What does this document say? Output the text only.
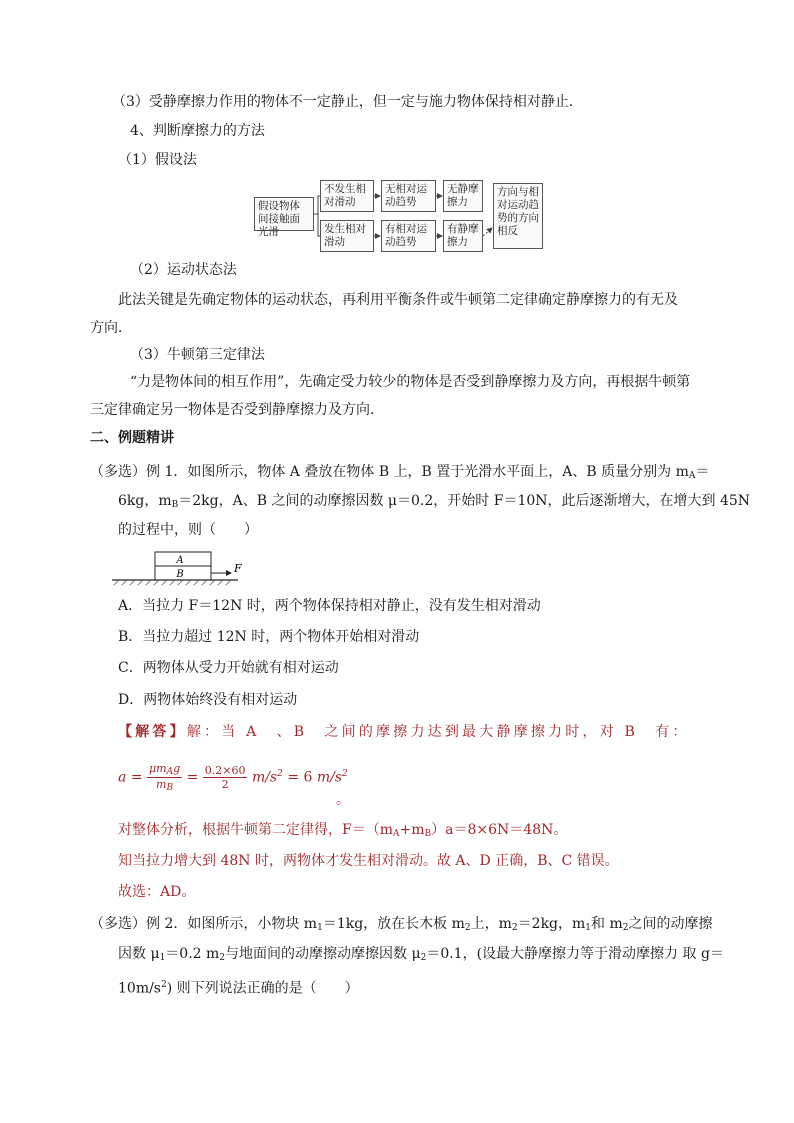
（3）受静摩擦力作用的物体不一定静止，但一定与施力物体保持相对静止．
4、判断摩擦力的方法
（1）假设法
假设物体间接触面光滑
不发生相对滑动
无相对运动趋势
无静摩擦力
发生相对滑动
有相对运动趋势
有静摩擦力
方向与相对运动趋势的方向相反
（2）运动状态法
此法关键是先确定物体的运动状态，再利用平衡条件或牛顿第二定律确定静摩擦力的有无及
方向．
（3）牛顿第三定律法
“力是物体间的相互作用”，先确定受力较少的物体是否受到静摩擦力及方向，再根据牛顿第
三定律确定另一物体是否受到静摩擦力及方向．
二、例题精讲
（多选）例 1．如图所示，物体 A 叠放在物体 B 上，B 置于光滑水平面上，A、B 质量分别为 $m_A=$
6kg，$m_B=2kg$，A、B 之间的动摩擦因数 μ＝0.2，开始时 F＝10N，此后逐渐增大，在增大到 45N
的过程中，则（　　）
A
B	F
A．当拉力 F＝12N 时，两个物体保持相对静止，没有发生相对滑动
B．当拉力超过 12N 时，两个物体开始相对滑动
C．两物体从受力开始就有相对运动
D．两物体始终没有相对运动
【解答】解：当 A　、B　之间的摩擦力达到最大静摩擦力时，对 B　有：
$a = \frac{\mu m_Ag}{m_B} = \frac{0.2\times 60}{2} m/s^2 = 6$ $m/s^2$
。
对整体分析，根据牛顿第二定律得，$F=(m_A+m_B)a=8\times 6N=48N$。
知当拉力增大到 48N 时，两物体才发生相对滑动。故 A、D 正确，B、C 错误。
故选：AD。
（多选）例 2．如图所示，小物块 $m_1=1kg$，放在长木板 $m_2$上，$m_2=2kg$，$m_1$和 $m_2$之间的动摩擦
因数 $\mu_1=0.2$ $m_2$与地面间的动摩擦动摩擦因数 $\mu_2=0.1$，(设最大静摩擦力等于滑动摩擦力 取 g＝
$10m/s^2$) 则下列说法正确的是（　　）
